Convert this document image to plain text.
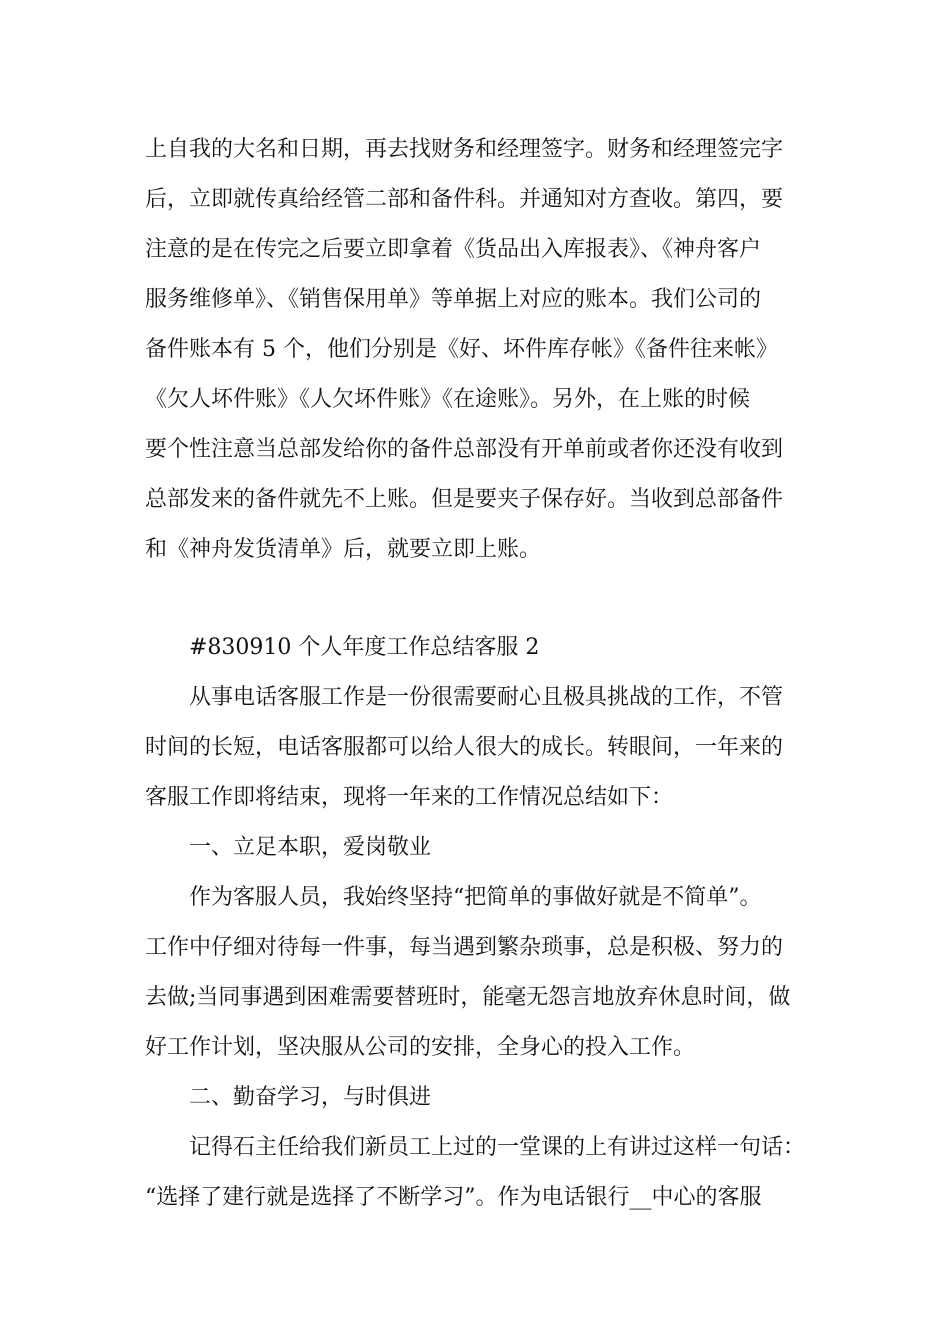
上自我的大名和日期，再去找财务和经理签字。财务和经理签完字

后，立即就传真给经管二部和备件科。并通知对方查收。第四，要

注意的是在传完之后要立即拿着《货品出入库报表》、《神舟客户

服务维修单》、《销售保用单》等单据上对应的账本。我们公司的

备件账本有 5 个，他们分别是《好、坏件库存帐》《备件往来帐》

《欠人坏件账》《人欠坏件账》《在途账》。另外，在上账的时候

要个性注意当总部发给你的备件总部没有开单前或者你还没有收到

总部发来的备件就先不上账。但是要夹子保存好。当收到总部备件

和《神舟发货清单》后，就要立即上账。

#830910 个人年度工作总结客服 2

从事电话客服工作是一份很需要耐心且极具挑战的工作，不管

时间的长短，电话客服都可以给人很大的成长。转眼间，一年来的

客服工作即将结束，现将一年来的工作情况总结如下：

一、立足本职，爱岗敬业

作为客服人员，我始终坚持“把简单的事做好就是不简单”。

工作中仔细对待每一件事，每当遇到繁杂琐事，总是积极、努力的

去做;当同事遇到困难需要替班时，能毫无怨言地放弃休息时间，做

好工作计划，坚决服从公司的安排，全身心的投入工作。

二、勤奋学习，与时俱进

记得石主任给我们新员工上过的一堂课的上有讲过这样一句话：

“选择了建行就是选择了不断学习”。作为电话银行__中心的客服
